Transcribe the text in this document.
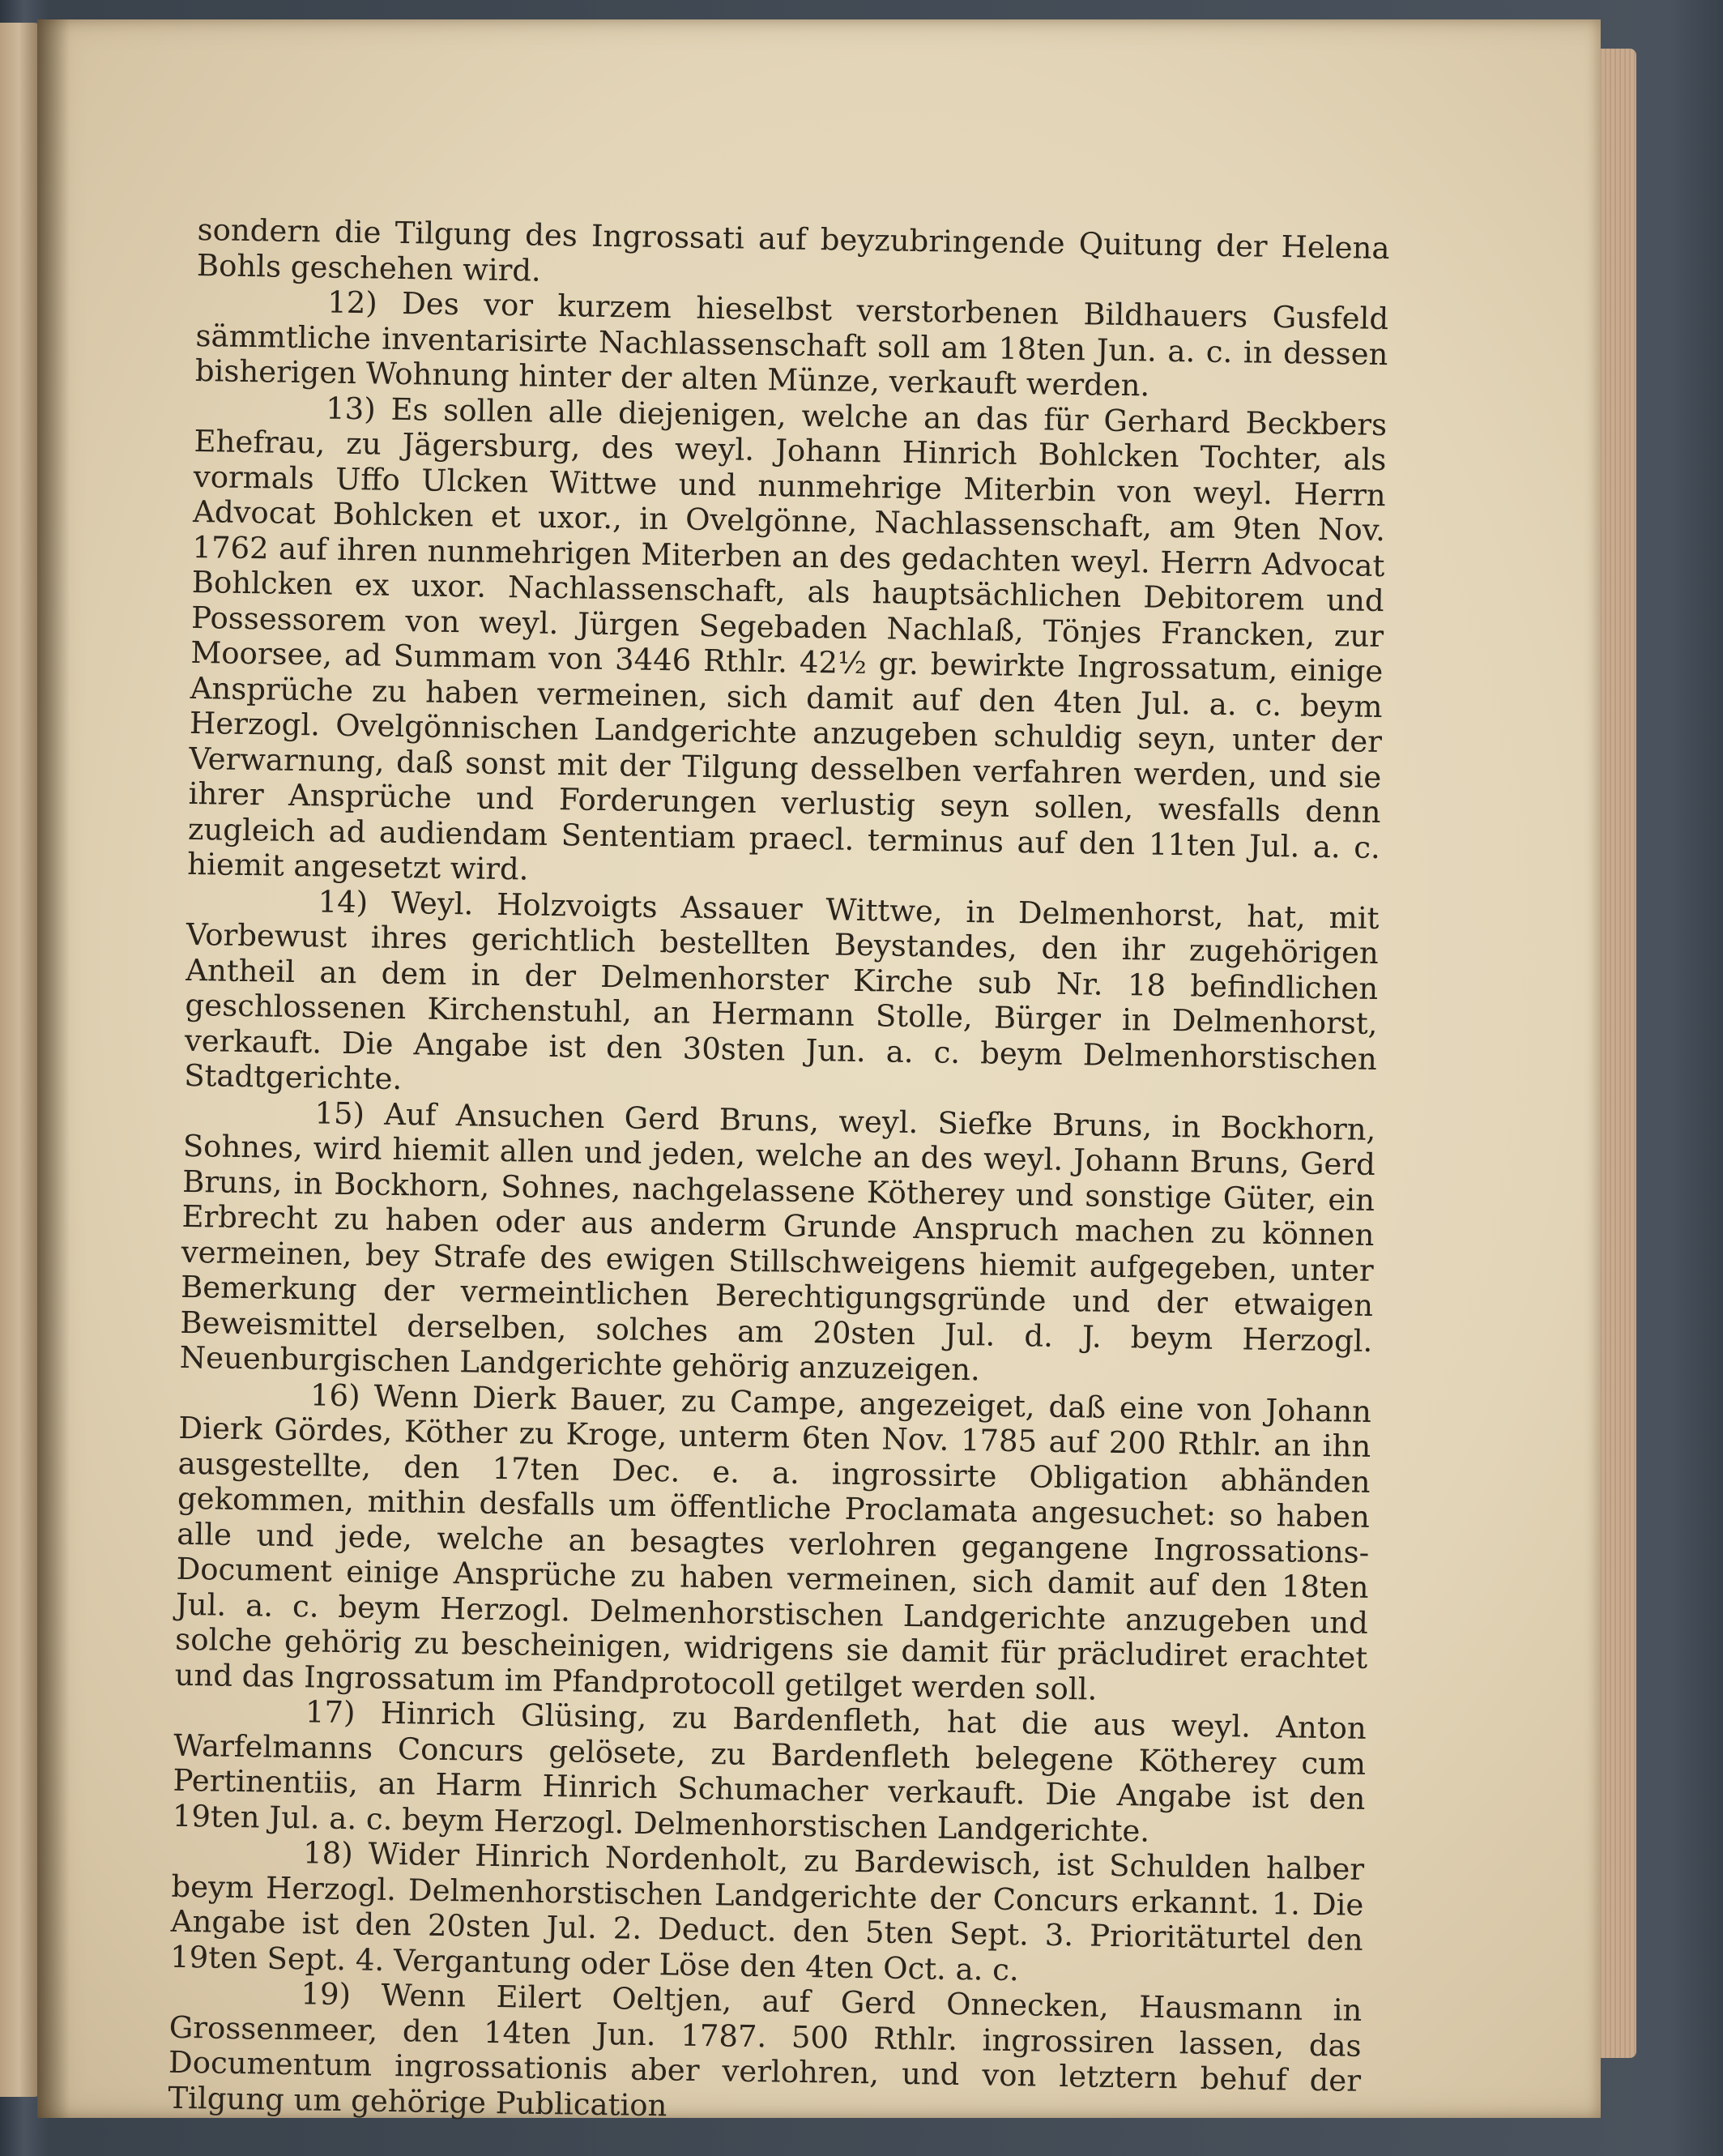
sondern die Tilgung des Ingrossati auf beyzubringende Quitung der Helena Bohls geschehen wird.

12) Des vor kurzem hieselbst verstorbenen Bildhauers Gusfeld sämmtliche inventarisirte Nachlassenschaft soll am 18ten Jun. a. c. in dessen bisherigen Wohnung hinter der alten Münze, verkauft werden.

13) Es sollen alle diejenigen, welche an das für Gerhard Beckbers Ehefrau, zu Jägersburg, des weyl. Johann Hinrich Bohlcken Tochter, als vormals Uffo Ulcken Wittwe und nunmehrige Miterbin von weyl. Herrn Advocat Bohlcken et uxor., in Ovelgönne, Nachlassenschaft, am 9ten Nov. 1762 auf ihren nunmehrigen Miterben an des gedachten weyl. Herrn Advocat Bohlcken ex uxor. Nachlassenschaft, als hauptsächlichen Debitorem und Possessorem von weyl. Jürgen Segebaden Nachlaß, Tönjes Francken, zur Moorsee, ad Summam von 3446 Rthlr. 42½ gr. bewirkte Ingrossatum, einige Ansprüche zu haben vermeinen, sich damit auf den 4ten Jul. a. c. beym Herzogl. Ovelgönnischen Landgerichte anzugeben schuldig seyn, unter der Verwarnung, daß sonst mit der Tilgung desselben verfahren werden, und sie ihrer Ansprüche und Forderungen verlustig seyn sollen, wesfalls denn zugleich ad audiendam Sententiam praecl. terminus auf den 11ten Jul. a. c. hiemit angesetzt wird.

14) Weyl. Holzvoigts Assauer Wittwe, in Delmenhorst, hat, mit Vorbewust ihres gerichtlich bestellten Beystandes, den ihr zugehörigen Antheil an dem in der Delmenhorster Kirche sub Nr. 18 befindlichen geschlossenen Kirchenstuhl, an Hermann Stolle, Bürger in Delmenhorst, verkauft. Die Angabe ist den 30sten Jun. a. c. beym Delmenhorstischen Stadtgerichte.

15) Auf Ansuchen Gerd Bruns, weyl. Siefke Bruns, in Bockhorn, Sohnes, wird hiemit allen und jeden, welche an des weyl. Johann Bruns, Gerd Bruns, in Bockhorn, Sohnes, nachgelassene Kötherey und sonstige Güter, ein Erbrecht zu haben oder aus anderm Grunde Anspruch machen zu können vermeinen, bey Strafe des ewigen Stillschweigens hiemit aufgegeben, unter Bemerkung der vermeintlichen Berechtigungsgründe und der etwaigen Beweismittel derselben, solches am 20sten Jul. d. J. beym Herzogl. Neuenburgischen Landgerichte gehörig anzuzeigen.

16) Wenn Dierk Bauer, zu Campe, angezeiget, daß eine von Johann Dierk Gördes, Köther zu Kroge, unterm 6ten Nov. 1785 auf 200 Rthlr. an ihn ausgestellte, den 17ten Dec. e. a. ingrossirte Obligation abhänden gekommen, mithin desfalls um öffentliche Proclamata angesuchet: so haben alle und jede, welche an besagtes verlohren gegangene Ingrossations-Document einige Ansprüche zu haben vermeinen, sich damit auf den 18ten Jul. a. c. beym Herzogl. Delmenhorstischen Landgerichte anzugeben und solche gehörig zu bescheinigen, widrigens sie damit für präcludiret erachtet und das Ingrossatum im Pfandprotocoll getilget werden soll.

17) Hinrich Glüsing, zu Bardenfleth, hat die aus weyl. Anton Warfelmanns Concurs gelösete, zu Bardenfleth belegene Kötherey cum Pertinentiis, an Harm Hinrich Schumacher verkauft. Die Angabe ist den 19ten Jul. a. c. beym Herzogl. Delmenhorstischen Landgerichte.

18) Wider Hinrich Nordenholt, zu Bardewisch, ist Schulden halber beym Herzogl. Delmenhorstischen Landgerichte der Concurs erkannt. 1. Die Angabe ist den 20sten Jul. 2. Deduct. den 5ten Sept. 3. Prioritäturtel den 19ten Sept. 4. Vergantung oder Löse den 4ten Oct. a. c.

19) Wenn Eilert Oeltjen, auf Gerd Onnecken, Hausmann in Grossenmeer, den 14ten Jun. 1787. 500 Rthlr. ingrossiren lassen, das Documentum ingrossationis aber verlohren, und von letztern behuf der Tilgung um gehörige Publication
